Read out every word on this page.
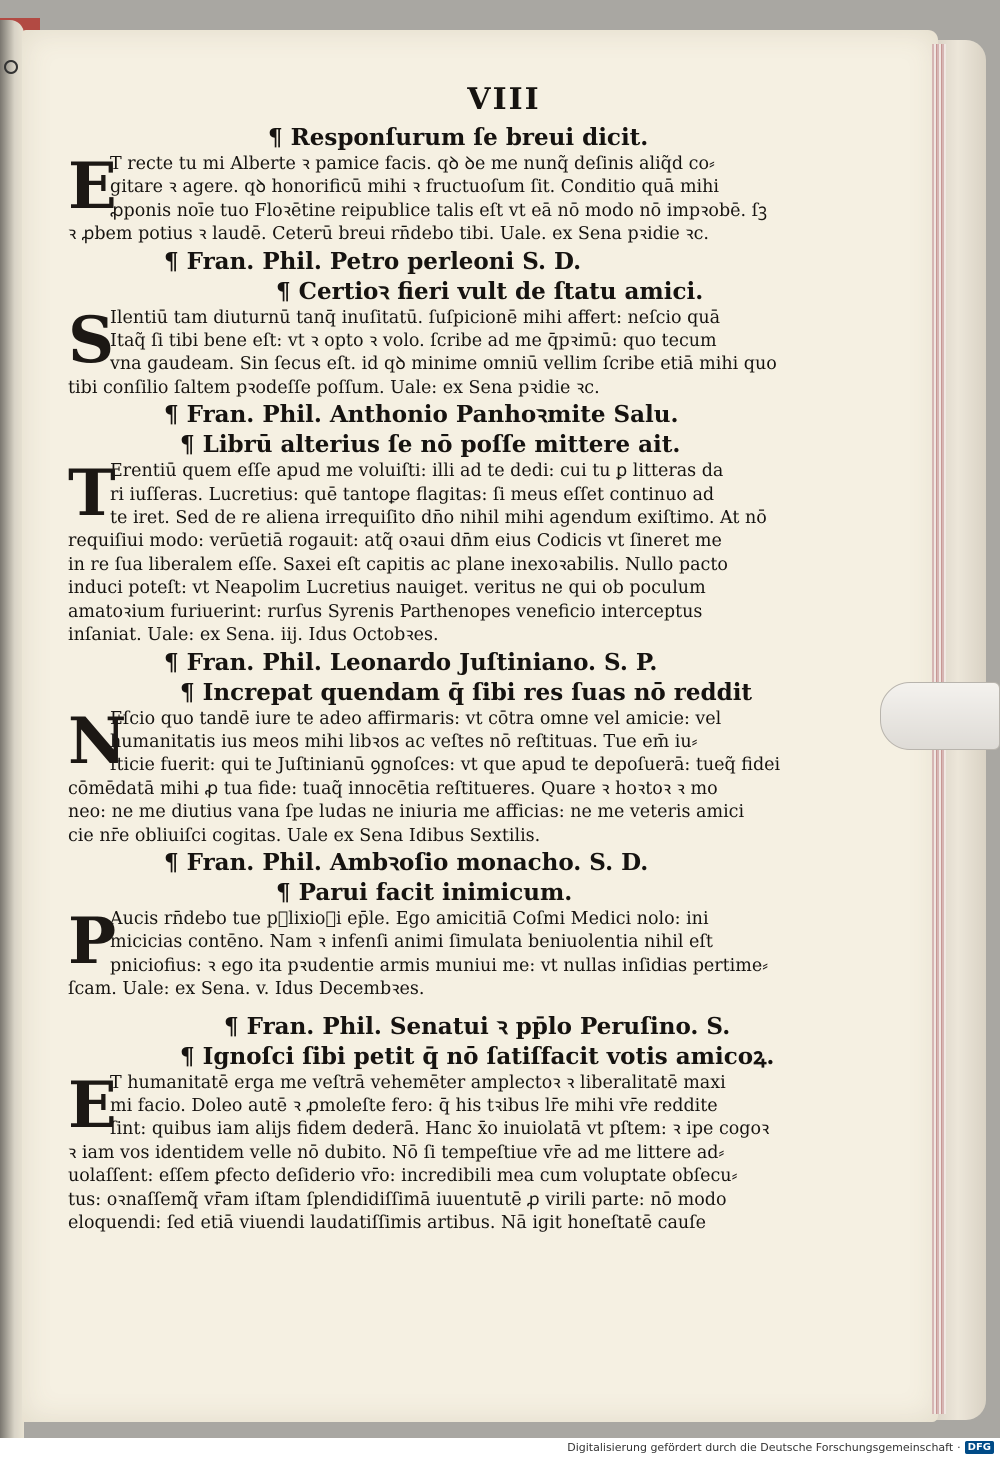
VIII
¶ Responſurum ſe breui dicit.
E
T recte tu mi Alberte ꝛ pamice facis. qꝺ ꝺe me nunq̃ deſinis aliq̃d co⸗
gitare ꝛ agere. qꝺ honorificū mihi ꝛ fructuoſum ſit. Conditio quā mihi
ꝓponis noīe tuo Floꝛētine reipublice talis eſt vt eā nō modo nō impꝛobē. ſꝫ
ꝛ ꝓbem potius ꝛ laudē. Ceterū breui rn̄debo tibi. Uale. ex Sena pꝛidie ꝛc.
¶ Fran. Phil. Petro perleoni S. D.
¶ Certioꝛ fieri vult de ſtatu amici.
S
Ilentiū tam diuturnū tanq̄ inuſitatū. ſuſpicionē mihi affert: neſcio quā
Itaq̃ ſi tibi bene eſt: vt ꝛ opto ꝛ volo. ſcribe ad me q̄pꝛimū: quo tecum
vna gaudeam. Sin ſecus eſt. id qꝺ minime omniū vellim ſcribe etiā mihi quo
tibi conſilio ſaltem pꝛodeſſe poſſum. Uale: ex Sena pꝛidie ꝛc.
¶ Fran. Phil. Anthonio Panhoꝛmite Salu.
¶ Librū alterius ſe nō poſſe mittere ait.
T
Erentiū quem eſſe apud me voluiſti: illi ad te dedi: cui tu ꝑ litteras da
ri iuſſeras. Lucretius: quē tantoꝑe flagitas: ſi meus eſſet continuo ad
te iret. Sed de re aliena irrequiſito dn̄o nihil mihi agendum exiſtimo. At nō
requiſiui modo: verūetiā rogauit: atq̃ oꝛaui dn̄m eius Codicis vt ſineret me
in re ſua liberalem eſſe. Saxei eſt capitis ac plane inexoꝛabilis. Nullo pacto
induci poteſt: vt Neapolim Lucretius nauiget. veritus ne qui ob poculum
amatoꝛium furiuerint: rurſus Syrenis Parthenopes veneficio interceptus
inſaniat. Uale: ex Sena. iij. Idus Octobꝛes.
¶ Fran. Phil. Leonardo Juſtiniano. S. P.
¶ Increpat quendam q̄ ſibi res ſuas nō reddit
N
Eſcio quo tandē iure te adeo affirmaris: vt cōtra omne vel amicie: vel
humanitatis ius meos mihi libꝛos ac veſtes nō reſtituas. Tue em̄ iu⸗
ſticie fuerit: qui te Juſtinianū ꝯgnoſces: vt que apud te depoſuerā: tueq̃ fidei
cōmēdatā mihi ꝓ tua fide: tuaq̃ innocētia reſtitueres. Quare ꝛ hoꝛtoꝛ ꝛ mo
neo: ne me diutius vana ſpe ludas ne iniuria me afficias: ne me veteris amici
cie nr̄e obliuiſci cogitas. Uale ex Sena Idibus Sextilis.
¶ Fran. Phil. Ambꝛoſio monacho. S. D.
¶ Parui facit inimicum.
P
Aucis rn̄debo tue pᷓlixioꝛi ep̄le. Ego amicitiā Coſmi Medici nolo: ini
micicias contēno. Nam ꝛ infenſi animi ſimulata beniuolentia nihil eſt
pniciofius: ꝛ ego ita pꝛudentie armis muniui me: vt nullas inſidias pertime⸗
ſcam. Uale: ex Sena. v. Idus Decembꝛes.
¶ Fran. Phil. Senatui ꝛ pp̄lo Peruſino. S.
¶ Ignoſci ſibi petit q̄ nō ſatiſfacit votis amicoꝝ.
E
T humanitatē erga me veſtrā vehemēter amplectoꝛ ꝛ liberalitatē maxi
mi facio. Doleo autē ꝛ ꝓmoleſte fero: q̄ his tꝛibus lr̄e mihi vr̄e reddite
ſint: quibus iam alijs fidem dederā. Hanc x̄o inuiolatā vt pſtem: ꝛ ipe cogoꝛ
ꝛ iam vos identidem velle nō dubito. Nō ſi tempeſtiue vr̄e ad me littere ad⸗
uolaſſent: eſſem ꝑfecto deſiderio vr̄o: incredibili mea cum voluptate obſecu⸗
tus: oꝛnaſſemq̃ vr̄am iſtam ſplendidiſſimā iuuentutē ꝓ virili parte: nō modo
eloquendi: ſed etiā viuendi laudatiſſimis artibus. Nā igit̄ honeſtatē cauſe
Digitalisierung gefördert durch die Deutsche Forschungsgemeinschaft · DFG
